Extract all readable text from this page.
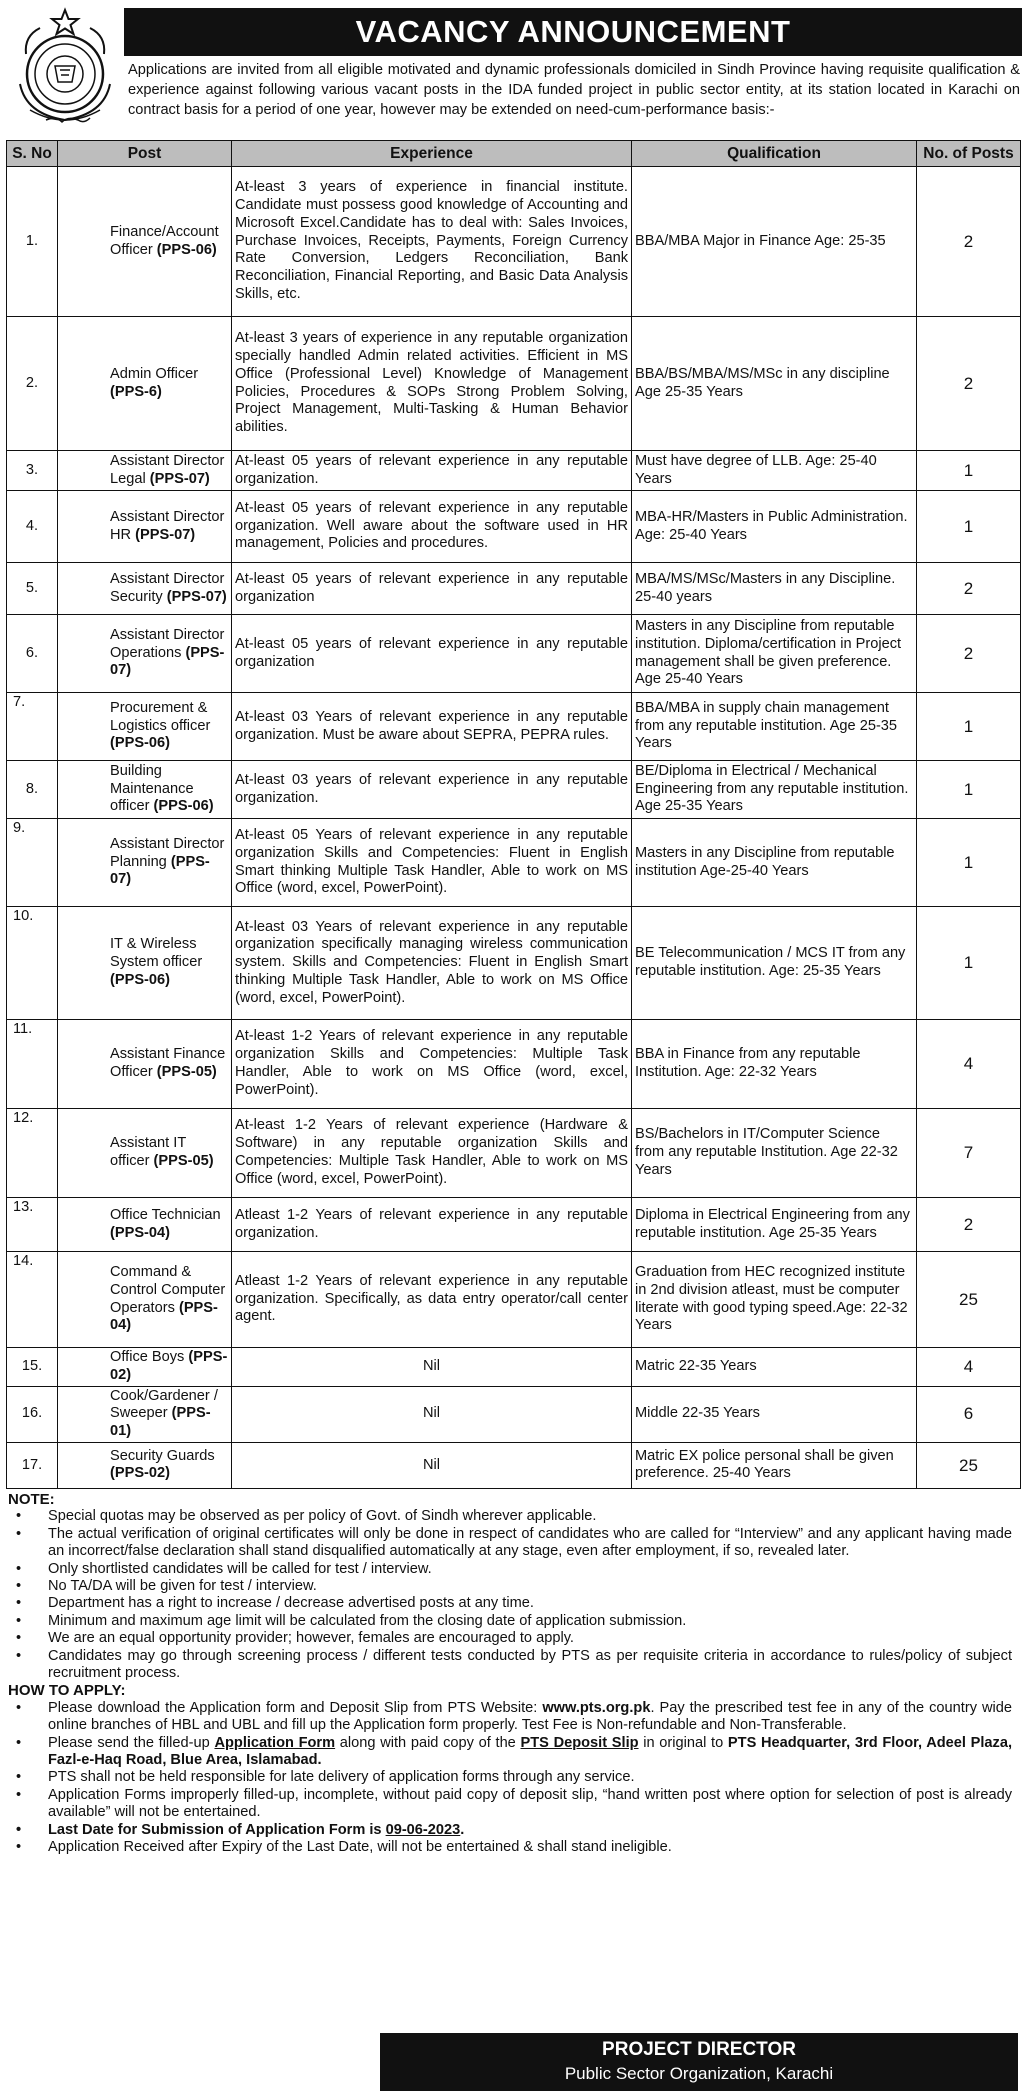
VACANCY ANNOUNCEMENT
Applications are invited from all eligible motivated and dynamic professionals domiciled in Sindh Province having requisite qualification & experience against following various vacant posts in the IDA funded project in public sector entity, at its station located in Karachi on contract basis for a period of one year, however may be extended on need-cum-performance basis:-
S. No	Post	Experience	Qualification	No. of Posts
1.	Finance/Account Officer (PPS-06)	At-least 3 years of experience in financial institute. Candidate must possess good knowledge of Accounting and Microsoft Excel.Candidate has to deal with: Sales Invoices, Purchase Invoices, Receipts, Payments, Foreign Currency Rate Conversion, Ledgers Reconciliation, Bank Reconciliation, Financial Reporting, and Basic Data Analysis Skills, etc.	BBA/MBA Major in Finance Age: 25-35	2
2.	Admin Officer (PPS-6)	At-least 3 years of experience in any reputable organization specially handled Admin related activities. Efficient in MS Office (Professional Level) Knowledge of Management Policies, Procedures & SOPs Strong Problem Solving, Project Management, Multi-Tasking & Human Behavior abilities.	BBA/BS/MBA/MS/MSc in any discipline Age 25-35 Years	2
3.	Assistant Director Legal (PPS-07)	At-least 05 years of relevant experience in any reputable organization.	Must have degree of LLB. Age: 25-40 Years	1
4.	Assistant Director HR (PPS-07)	At-least 05 years of relevant experience in any reputable organization. Well aware about the software used in HR management, Policies and procedures.	MBA-HR/Masters in Public Administration. Age: 25-40 Years	1
5.	Assistant Director Security (PPS-07)	At-least 05 years of relevant experience in any reputable organization	MBA/MS/MSc/Masters in any Discipline. 25-40 years	2
6.	Assistant Director Operations (PPS-07)	At-least 05 years of relevant experience in any reputable organization	Masters in any Discipline from reputable institution. Diploma/certification in Project management shall be given preference. Age 25-40 Years	2
7.	Procurement & Logistics officer (PPS-06)	At-least 03 Years of relevant experience in any reputable organization. Must be aware about SEPRA, PEPRA rules.	BBA/MBA in supply chain management from any reputable institution. Age 25-35 Years	1
8.	Building Maintenance officer (PPS-06)	At-least 03 years of relevant experience in any reputable organization.	BE/Diploma in Electrical / Mechanical Engineering from any reputable institution. Age 25-35 Years	1
9.	Assistant Director Planning (PPS-07)	At-least 05 Years of relevant experience in any reputable organization Skills and Competencies: Fluent in English Smart thinking Multiple Task Handler, Able to work on MS Office (word, excel, PowerPoint).	Masters in any Discipline from reputable institution Age-25-40 Years	1
10.	IT & Wireless System officer (PPS-06)	At-least 03 Years of relevant experience in any reputable organization specifically managing wireless communication system. Skills and Competencies: Fluent in English Smart thinking Multiple Task Handler, Able to work on MS Office (word, excel, PowerPoint).	BE Telecommunication / MCS IT from any reputable institution. Age: 25-35 Years	1
11.	Assistant Finance Officer (PPS-05)	At-least 1-2 Years of relevant experience in any reputable organization Skills and Competencies: Multiple Task Handler, Able to work on MS Office (word, excel, PowerPoint).	BBA in Finance from any reputable Institution. Age: 22-32 Years	4
12.	Assistant IT officer (PPS-05)	At-least 1-2 Years of relevant experience (Hardware & Software) in any reputable organization Skills and Competencies: Multiple Task Handler, Able to work on MS Office (word, excel, PowerPoint).	BS/Bachelors in IT/Computer Science from any reputable Institution. Age 22-32 Years	7
13.	Office Technician (PPS-04)	Atleast 1-2 Years of relevant experience in any reputable organization.	Diploma in Electrical Engineering from any reputable institution. Age 25-35 Years	2
14.	Command & Control Computer Operators (PPS-04)	Atleast 1-2 Years of relevant experience in any reputable organization. Specifically, as data entry operator/call center agent.	Graduation from HEC recognized institute in 2nd division atleast, must be computer literate with good typing speed.Age: 22-32 Years	25
15.	Office Boys (PPS-02)	Nil	Matric 22-35 Years	4
16.	Cook/Gardener / Sweeper (PPS-01)	Nil	Middle 22-35 Years	6
17.	Security Guards (PPS-02)	Nil	Matric EX police personal shall be given preference. 25-40 Years	25
NOTE:
• Special quotas may be observed as per policy of Govt. of Sindh wherever applicable.
• The actual verification of original certificates will only be done in respect of candidates who are called for “Interview” and any applicant having made an incorrect/false declaration shall stand disqualified automatically at any stage, even after employment, if so, revealed later.
• Only shortlisted candidates will be called for test / interview.
• No TA/DA will be given for test / interview.
• Department has a right to increase / decrease advertised posts at any time.
• Minimum and maximum age limit will be calculated from the closing date of application submission.
• We are an equal opportunity provider; however, females are encouraged to apply.
• Candidates may go through screening process / different tests conducted by PTS as per requisite criteria in accordance to rules/policy of subject recruitment process.
HOW TO APPLY:
• Please download the Application form and Deposit Slip from PTS Website: www.pts.org.pk. Pay the prescribed test fee in any of the country wide online branches of HBL and UBL and fill up the Application form properly. Test Fee is Non-refundable and Non-Transferable.
• Please send the filled-up Application Form along with paid copy of the PTS Deposit Slip in original to PTS Headquarter, 3rd Floor, Adeel Plaza, Fazl-e-Haq Road, Blue Area, Islamabad.
• PTS shall not be held responsible for late delivery of application forms through any service.
• Application Forms improperly filled-up, incomplete, without paid copy of deposit slip, “hand written post where option for selection of post is already available” will not be entertained.
• Last Date for Submission of Application Form is 09-06-2023.
• Application Received after Expiry of the Last Date, will not be entertained & shall stand ineligible.
PROJECT DIRECTOR
Public Sector Organization, Karachi
